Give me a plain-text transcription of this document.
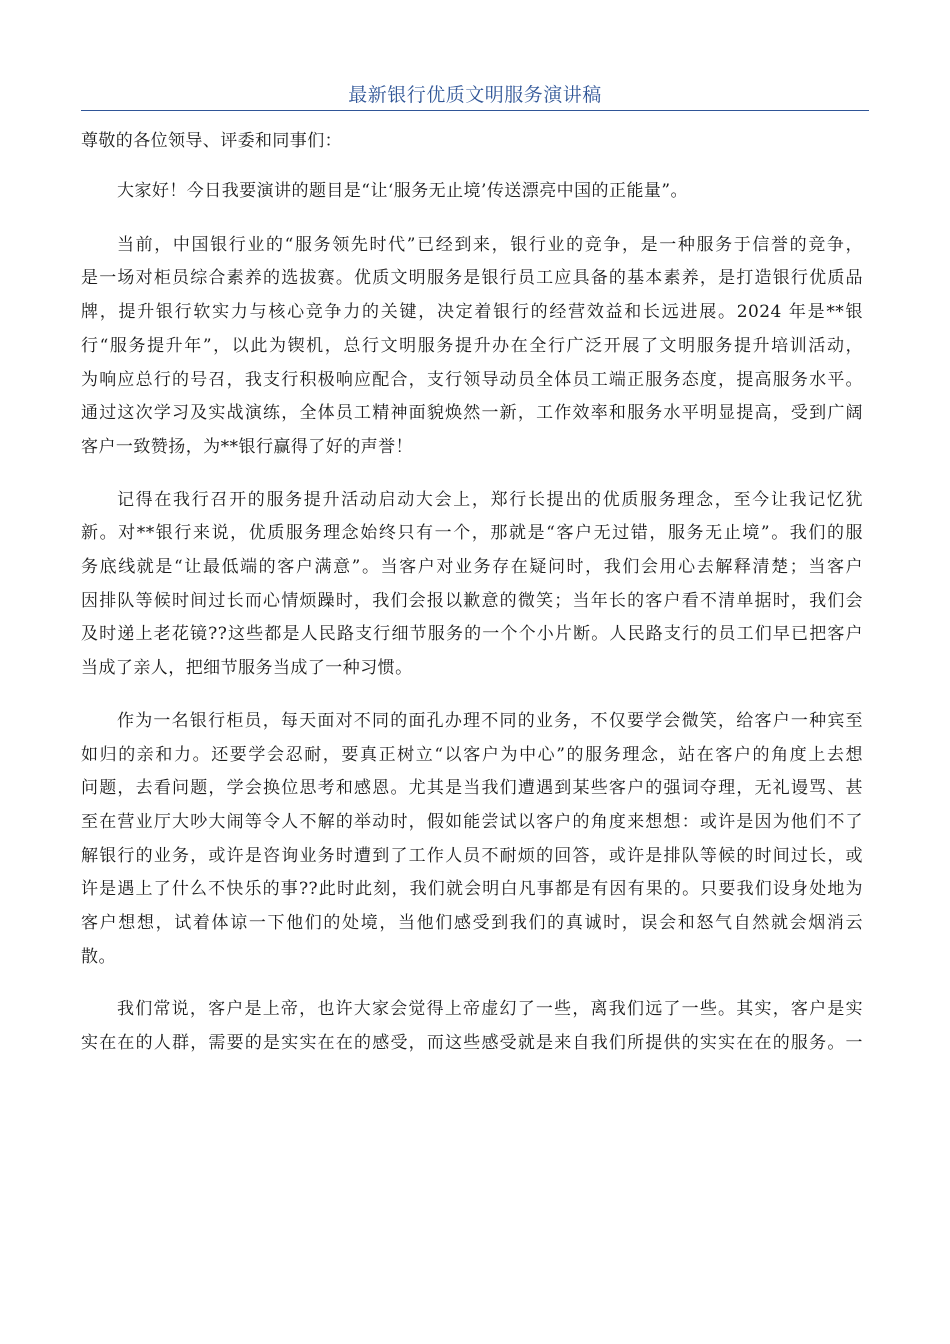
最新银行优质文明服务演讲稿

尊敬的各位领导、评委和同事们：

大家好！今日我要演讲的题目是“让‘服务无止境’传送漂亮中国的正能量”。

当前，中国银行业的“服务领先时代”已经到来，银行业的竞争，是一种服务于信誉的竞争，
是一场对柜员综合素养的选拔赛。优质文明服务是银行员工应具备的基本素养，是打造银行优质品
牌，提升银行软实力与核心竞争力的关键，决定着银行的经营效益和长远进展。2024 年是**银
行“服务提升年”，以此为锲机，总行文明服务提升办在全行广泛开展了文明服务提升培训活动，
为响应总行的号召，我支行积极响应配合，支行领导动员全体员工端正服务态度，提高服务水平。
通过这次学习及实战演练，全体员工精神面貌焕然一新，工作效率和服务水平明显提高，受到广阔
客户一致赞扬，为**银行赢得了好的声誉！

记得在我行召开的服务提升活动启动大会上，郑行长提出的优质服务理念，至今让我记忆犹
新。对**银行来说，优质服务理念始终只有一个，那就是“客户无过错，服务无止境”。我们的服
务底线就是“让最低端的客户满意”。当客户对业务存在疑问时，我们会用心去解释清楚；当客户
因排队等候时间过长而心情烦躁时，我们会报以歉意的微笑；当年长的客户看不清单据时，我们会
及时递上老花镜??这些都是人民路支行细节服务的一个个小片断。人民路支行的员工们早已把客户
当成了亲人，把细节服务当成了一种习惯。

作为一名银行柜员，每天面对不同的面孔办理不同的业务，不仅要学会微笑，给客户一种宾至
如归的亲和力。还要学会忍耐，要真正树立“以客户为中心”的服务理念，站在客户的角度上去想
问题，去看问题，学会换位思考和感恩。尤其是当我们遭遇到某些客户的强词夺理，无礼谩骂、甚
至在营业厅大吵大闹等令人不解的举动时，假如能尝试以客户的角度来想想：或许是因为他们不了
解银行的业务，或许是咨询业务时遭到了工作人员不耐烦的回答，或许是排队等候的时间过长，或
许是遇上了什么不快乐的事??此时此刻，我们就会明白凡事都是有因有果的。只要我们设身处地为
客户想想，试着体谅一下他们的处境，当他们感受到我们的真诚时，误会和怒气自然就会烟消云
散。

我们常说，客户是上帝，也许大家会觉得上帝虚幻了一些，离我们远了一些。其实，客户是实
实在在的人群，需要的是实实在在的感受，而这些感受就是来自我们所提供的实实在在的服务。一
